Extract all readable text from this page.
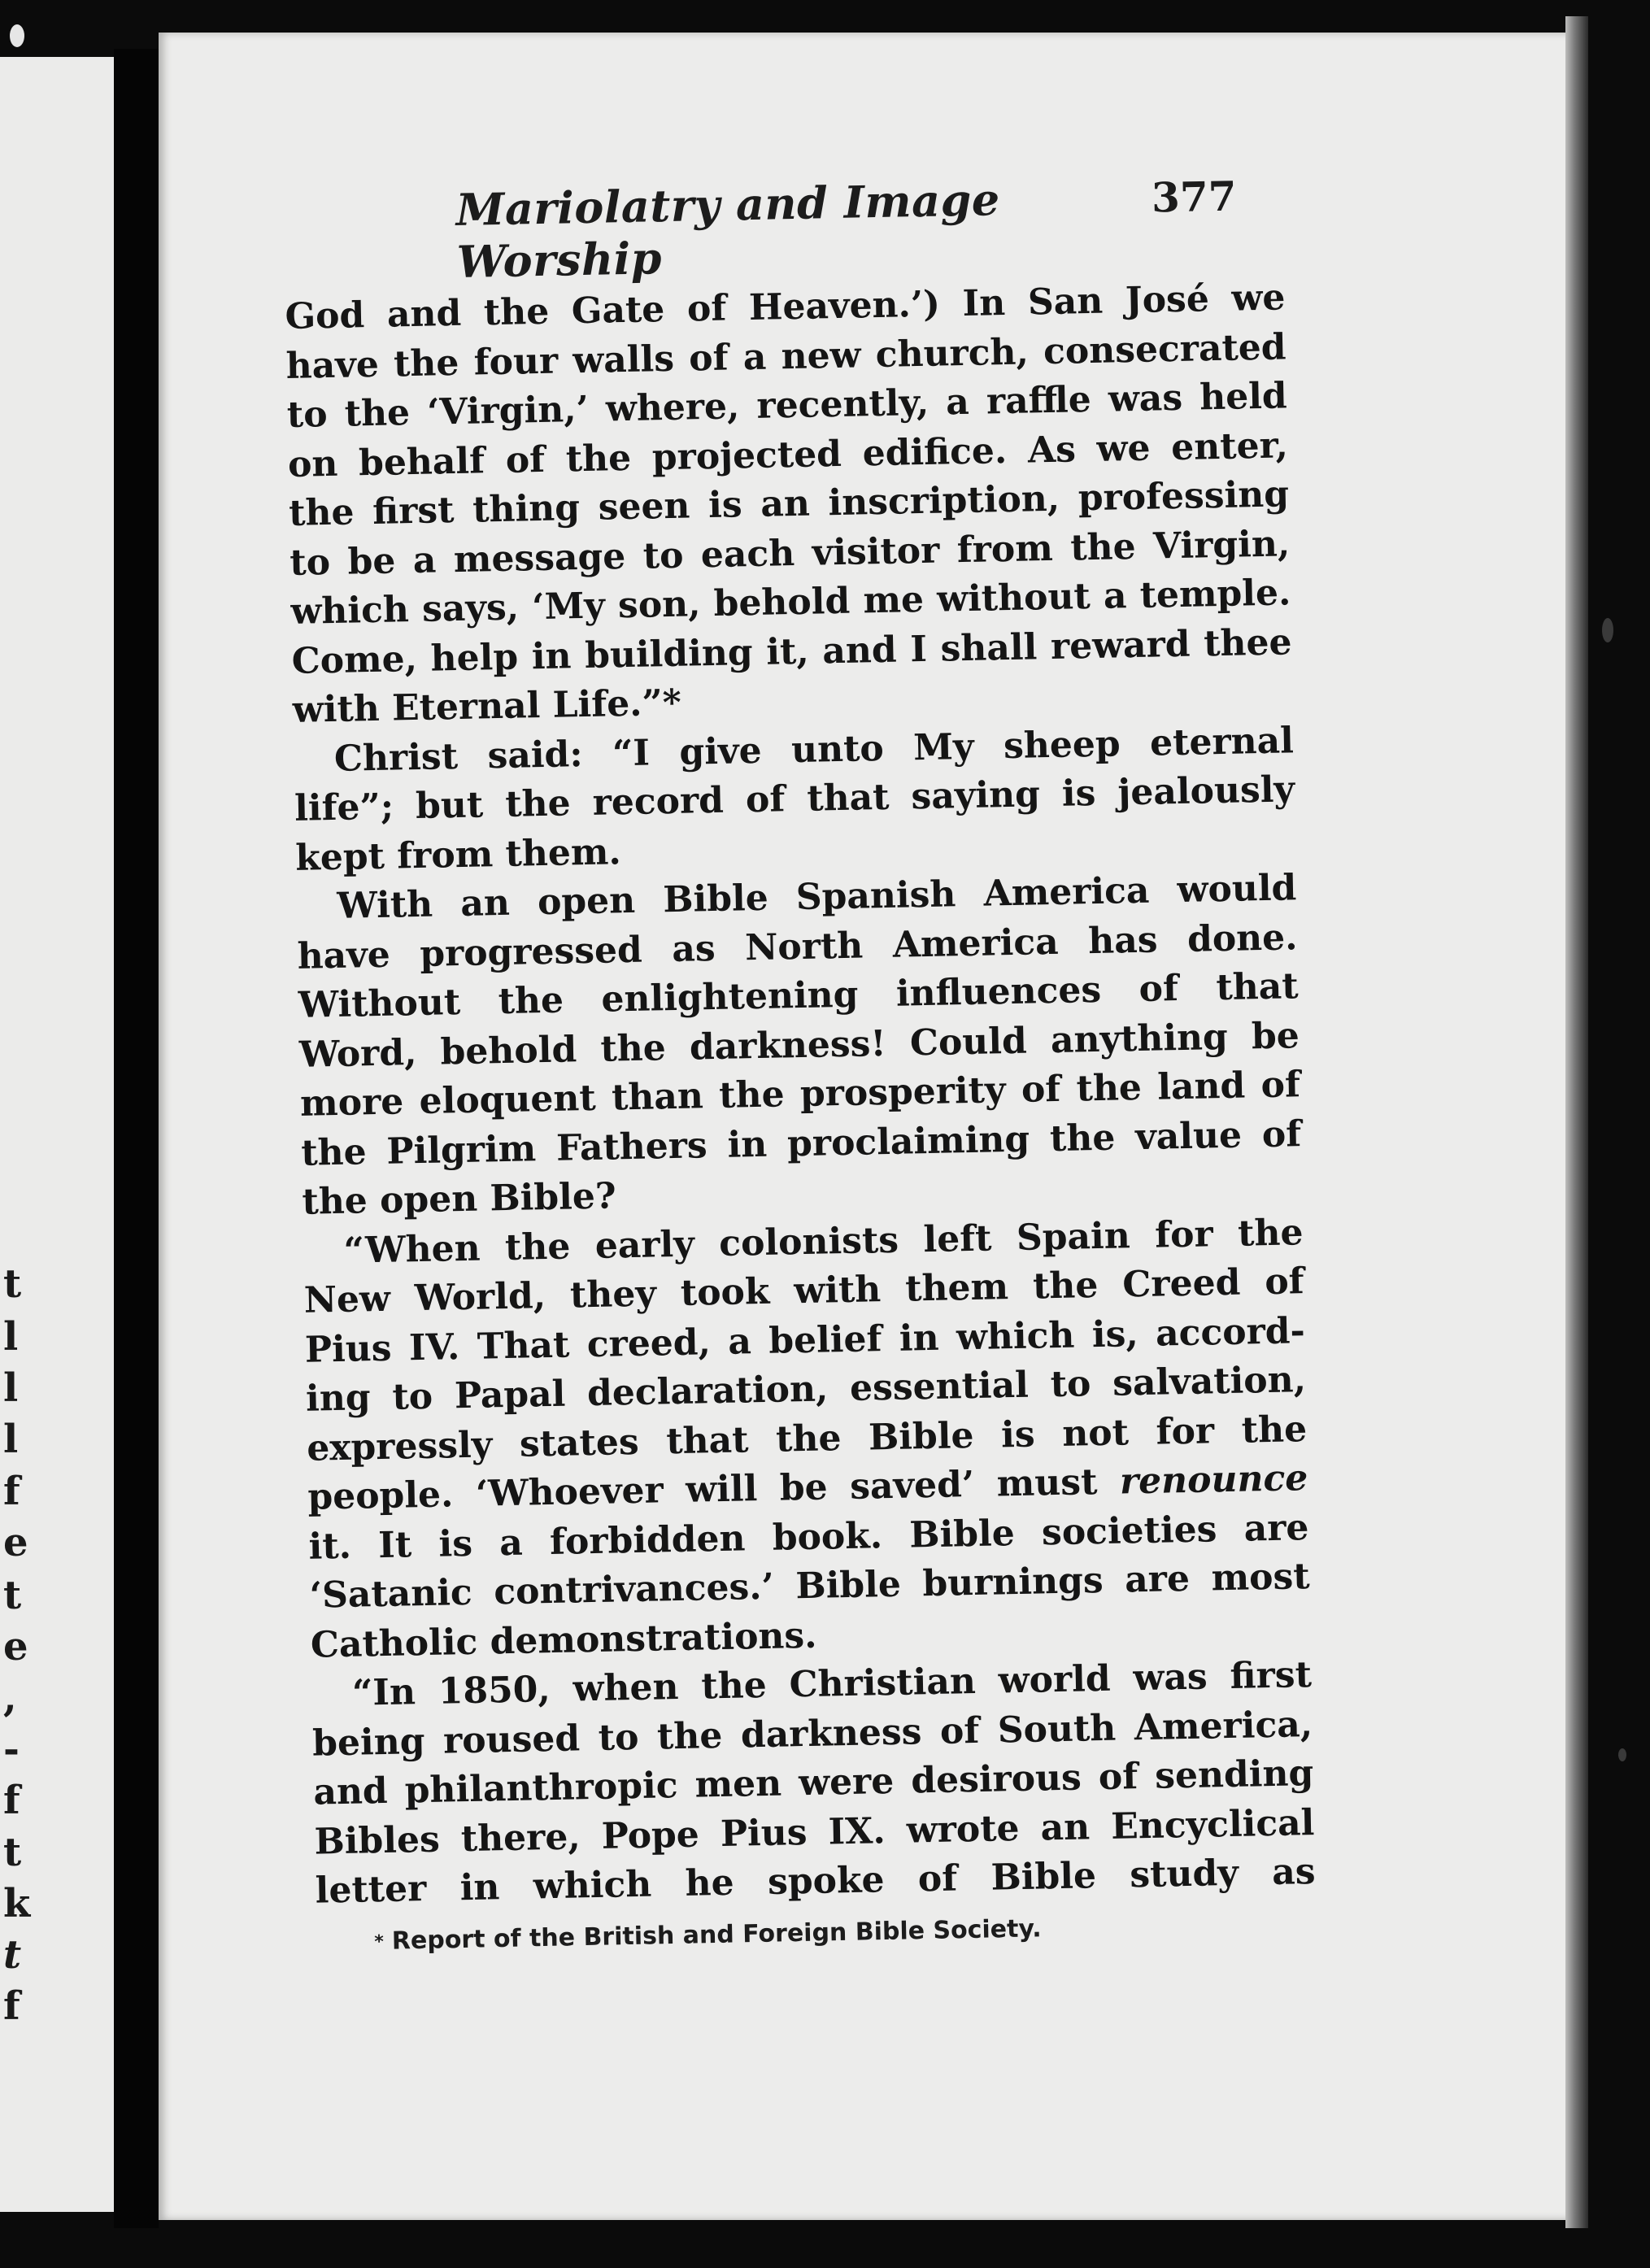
t
l
l
l
f
e
t
e
,
-
f
t
k
t
f
Mariolatry and Image Worship
377
God and the Gate of Heaven.’) In San José we
have the four walls of a new church, consecrated
to the ‘Virgin,’ where, recently, a raffle was held
on behalf of the projected edifice. As we enter,
the first thing seen is an inscription, professing
to be a message to each visitor from the Virgin,
which says, ‘My son, behold me without a temple.
Come, help in building it, and I shall reward thee
with Eternal Life.”*
Christ said: “I give unto My sheep eternal
life”; but the record of that saying is jealously
kept from them.
With an open Bible Spanish America would
have progressed as North America has done.
Without the enlightening influences of that
Word, behold the darkness! Could anything be
more eloquent than the prosperity of the land of
the Pilgrim Fathers in proclaiming the value of
the open Bible?
“When the early colonists left Spain for the
New World, they took with them the Creed of
Pius IV. That creed, a belief in which is, accord-
ing to Papal declaration, essential to salvation,
expressly states that the Bible is not for the
people. ‘Whoever will be saved’ must renounce
it. It is a forbidden book. Bible societies are
‘Satanic contrivances.’ Bible burnings are most
Catholic demonstrations.
“In 1850, when the Christian world was first
being roused to the darkness of South America,
and philanthropic men were desirous of sending
Bibles there, Pope Pius IX. wrote an Encyclical
letter in which he spoke of Bible study as
* Report of the British and Foreign Bible Society.
